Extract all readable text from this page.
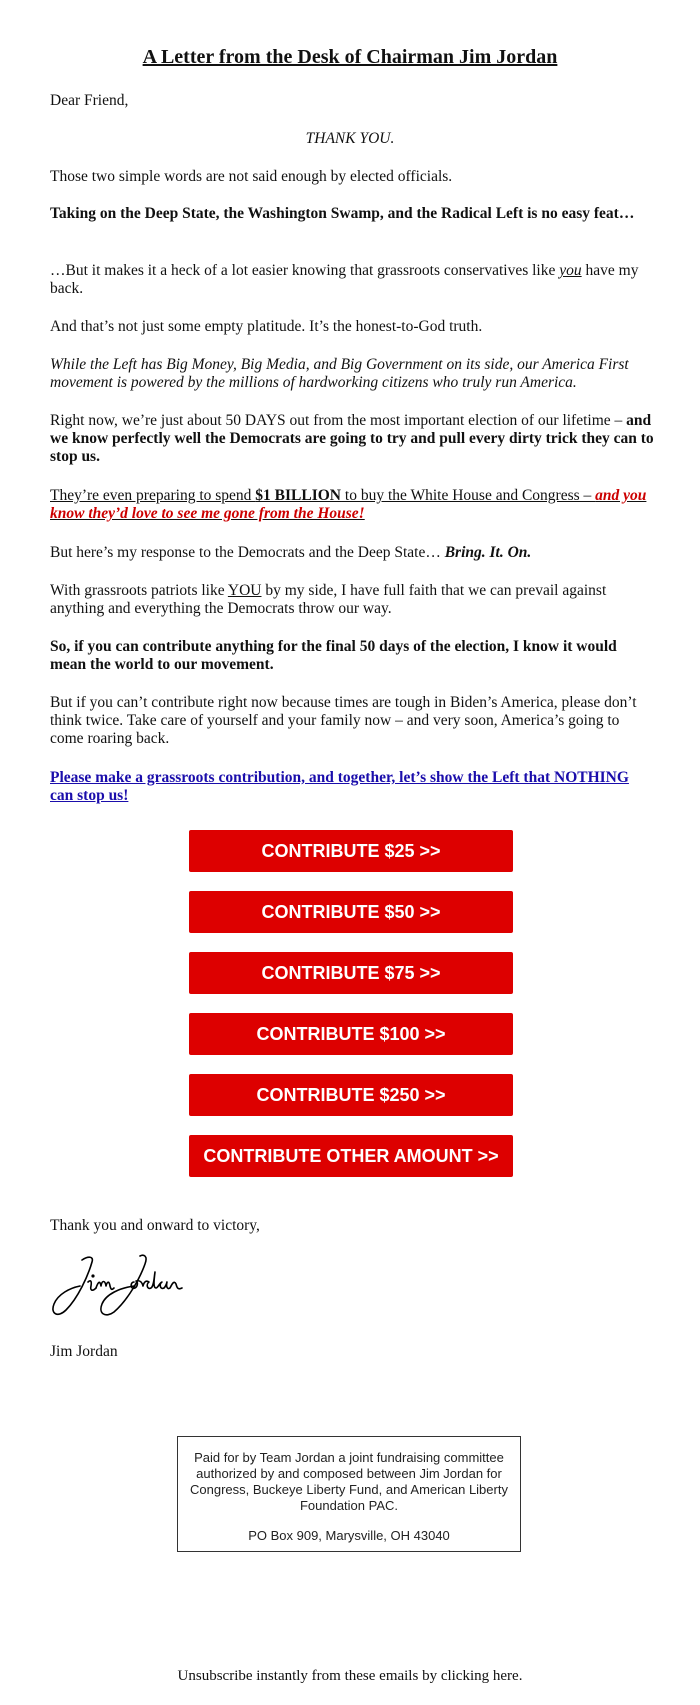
A Letter from the Desk of Chairman Jim Jordan

Dear Friend,

THANK YOU.

Those two simple words are not said enough by elected officials.

Taking on the Deep State, the Washington Swamp, and the Radical Left is no easy feat…

…But it makes it a heck of a lot easier knowing that grassroots conservatives like you have my back.

And that’s not just some empty platitude. It’s the honest-to-God truth.

While the Left has Big Money, Big Media, and Big Government on its side, our America First movement is powered by the millions of hardworking citizens who truly run America.

Right now, we’re just about 50 DAYS out from the most important election of our lifetime – and we know perfectly well the Democrats are going to try and pull every dirty trick they can to stop us.

They’re even preparing to spend $1 BILLION to buy the White House and Congress – and you know they’d love to see me gone from the House!

But here’s my response to the Democrats and the Deep State… Bring. It. On.

With grassroots patriots like YOU by my side, I have full faith that we can prevail against anything and everything the Democrats throw our way.

So, if you can contribute anything for the final 50 days of the election, I know it would mean the world to our movement.

But if you can’t contribute right now because times are tough in Biden’s America, please don’t think twice. Take care of yourself and your family now – and very soon, America’s going to come roaring back.

Please make a grassroots contribution, and together, let’s show the Left that NOTHING can stop us!

CONTRIBUTE $25 >>
CONTRIBUTE $50 >>
CONTRIBUTE $75 >>
CONTRIBUTE $100 >>
CONTRIBUTE $250 >>
CONTRIBUTE OTHER AMOUNT >>

Thank you and onward to victory,

Jim Jordan

Paid for by Team Jordan a joint fundraising committee authorized by and composed between Jim Jordan for Congress, Buckeye Liberty Fund, and American Liberty Foundation PAC.
PO Box 909, Marysville, OH 43040
Unsubscribe instantly from these emails by clicking here.
